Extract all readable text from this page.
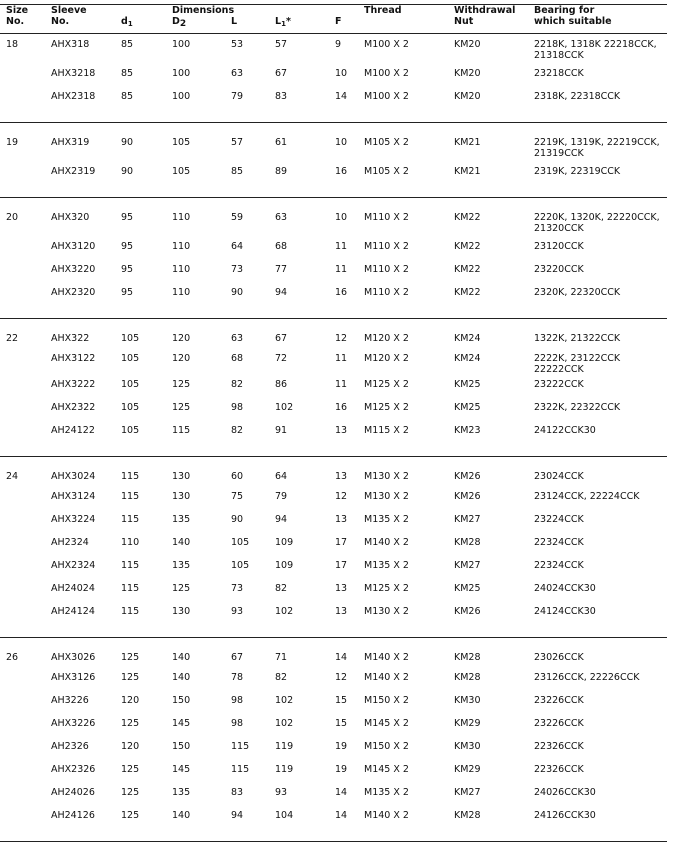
Size	Sleeve		Dimensions				Thread	Withdrawal	Bearing for
No.	No.	$d_1$	D2	L	$L_1*$	F		Nut	which suitable
18	AHX318	85	100	53	57	9	M100 X 2	KM20	2218K, 1318K 22218CCK, 21318CCK
	AHX3218	85	100	63	67	10	M100 X 2	KM20	23218CCK
	AHX2318	85	100	79	83	14	M100 X 2	KM20	2318K, 22318CCK

19	AHX319	90	105	57	61	10	M105 X 2	KM21	2219K, 1319K, 22219CCK, 21319CCK
	AHX2319	90	105	85	89	16	M105 X 2	KM21	2319K, 22319CCK

20	AHX320	95	110	59	63	10	M110 X 2	KM22	2220K, 1320K, 22220CCK, 21320CCK
	AHX3120	95	110	64	68	11	M110 X 2	KM22	23120CCK
	AHX3220	95	110	73	77	11	M110 X 2	KM22	23220CCK
	AHX2320	95	110	90	94	16	M110 X 2	KM22	2320K, 22320CCK

22	AHX322	105	120	63	67	12	M120 X 2	KM24	1322K, 21322CCK
	AHX3122	105	120	68	72	11	M120 X 2	KM24	2222K, 23122CCK 22222CCK
	AHX3222	105	125	82	86	11	M125 X 2	KM25	23222CCK
	AHX2322	105	125	98	102	16	M125 X 2	KM25	2322K, 22322CCK
	AH24122	105	115	82	91	13	M115 X 2	KM23	24122CCK30

24	AHX3024	115	130	60	64	13	M130 X 2	KM26	23024CCK
	AHX3124	115	130	75	79	12	M130 X 2	KM26	23124CCK, 22224CCK
	AHX3224	115	135	90	94	13	M135 X 2	KM27	23224CCK
	AH2324	110	140	105	109	17	M140 X 2	KM28	22324CCK
	AHX2324	115	135	105	109	17	M135 X 2	KM27	22324CCK
	AH24024	115	125	73	82	13	M125 X 2	KM25	24024CCK30
	AH24124	115	130	93	102	13	M130 X 2	KM26	24124CCK30

26	AHX3026	125	140	67	71	14	M140 X 2	KM28	23026CCK
	AHX3126	125	140	78	82	12	M140 X 2	KM28	23126CCK, 22226CCK
	AH3226	120	150	98	102	15	M150 X 2	KM30	23226CCK
	AHX3226	125	145	98	102	15	M145 X 2	KM29	23226CCK
	AH2326	120	150	115	119	19	M150 X 2	KM30	22326CCK
	AHX2326	125	145	115	119	19	M145 X 2	KM29	22326CCK
	AH24026	125	135	83	93	14	M135 X 2	KM27	24026CCK30
	AH24126	125	140	94	104	14	M140 X 2	KM28	24126CCK30
